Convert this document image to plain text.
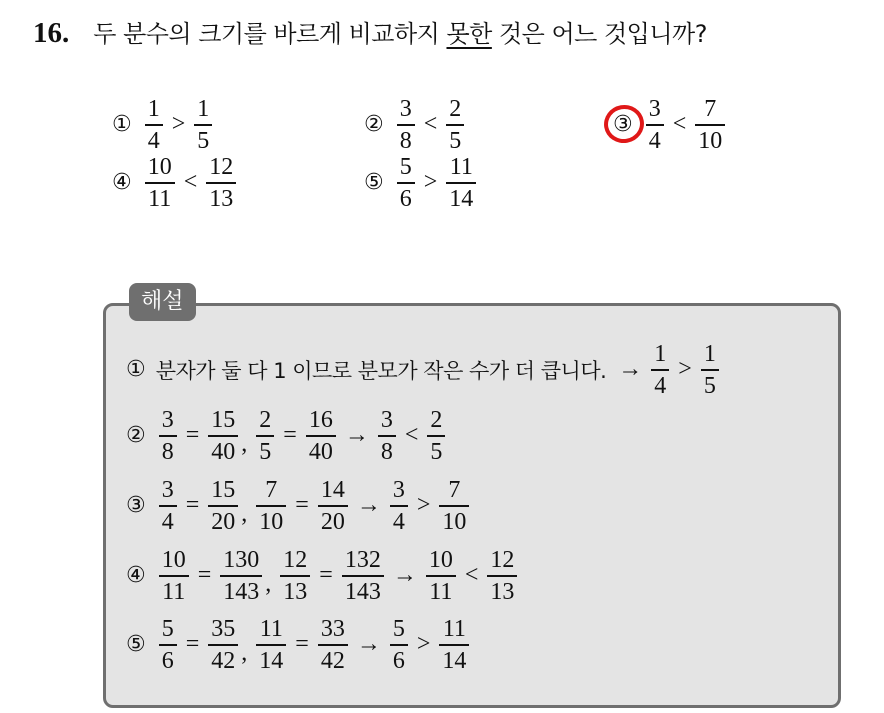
16. 두 분수의 크기를 바르게 비교하지 못한 것은 어느 것입니까?
① $\frac{1}{4} > \frac{1}{5}$	② $\frac{3}{8} < \frac{2}{5}$	③ $\frac{3}{4} < \frac{7}{10}$
④ $\frac{10}{11} < \frac{12}{13}$	⑤ $\frac{5}{6} > \frac{11}{14}$
해설
① 분자가 둘 다 1 이므로 분모가 작은 수가 더 큽니다. → $\frac{1}{4} > \frac{1}{5}$
② $\frac{3}{8} = \frac{15}{40}$ , $\frac{2}{5} = \frac{16}{40} \to \frac{3}{8} < \frac{2}{5}$
③ $\frac{3}{4} = \frac{15}{20}$ , $\frac{7}{10} = \frac{14}{20} \to \frac{3}{4} > \frac{7}{10}$
④ $\frac{10}{11} = \frac{130}{143}$ , $\frac{12}{13} = \frac{132}{143} \to \frac{10}{11} < \frac{12}{13}$
⑤ $\frac{5}{6} = \frac{35}{42}$ , $\frac{11}{14} = \frac{33}{42} \to \frac{5}{6} > \frac{11}{14}$
